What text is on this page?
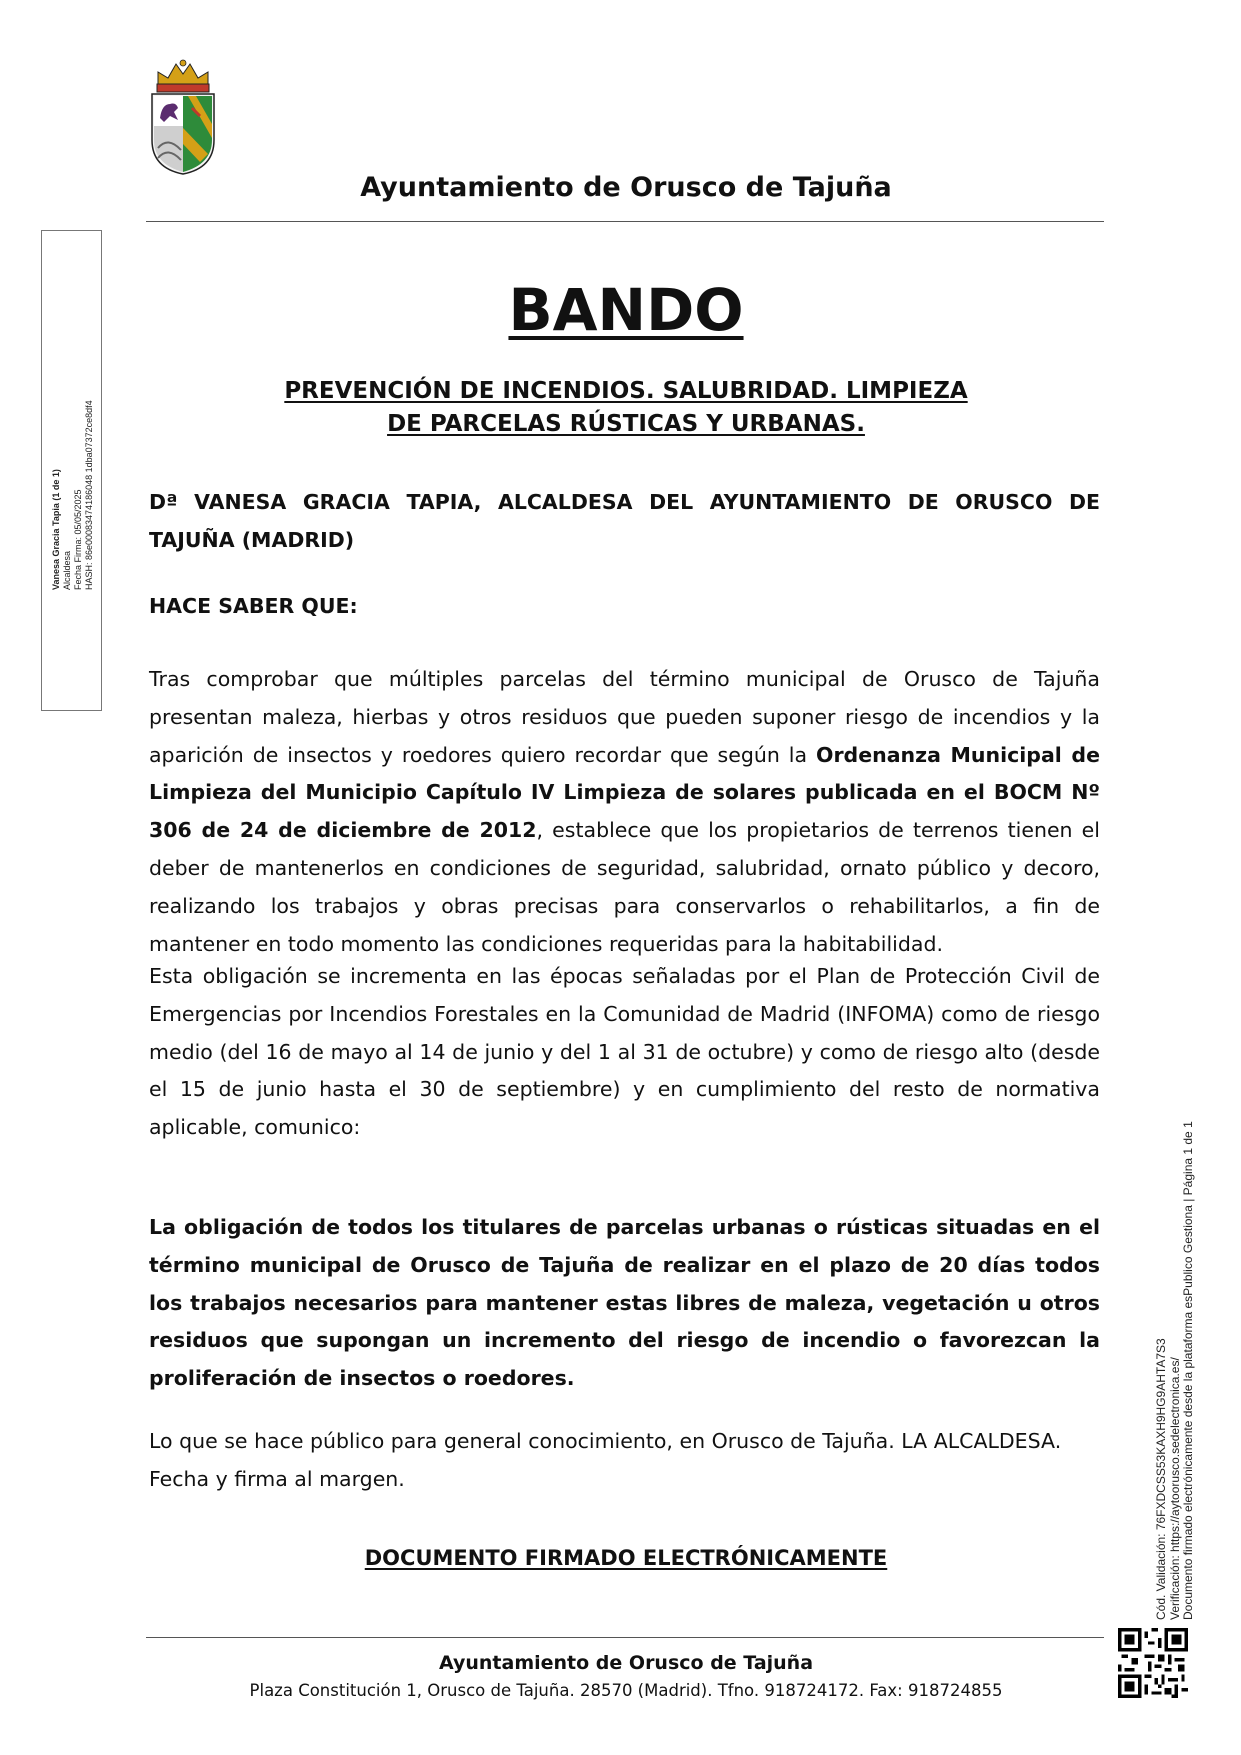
Ayuntamiento de Orusco de Tajuña
BANDO
PREVENCIÓN DE INCENDIOS. SALUBRIDAD. LIMPIEZA
DE PARCELAS RÚSTICAS Y URBANAS.

Dª VANESA GRACIA TAPIA, ALCALDESA DEL AYUNTAMIENTO DE ORUSCO DE TAJUÑA (MADRID)

HACE SABER QUE:

Tras comprobar que múltiples parcelas del término municipal de Orusco de Tajuña presentan maleza, hierbas y otros residuos que pueden suponer riesgo de incendios y la aparición de insectos y roedores quiero recordar que según la Ordenanza Municipal de Limpieza del Municipio Capítulo IV Limpieza de solares publicada en el BOCM Nº 306 de 24 de diciembre de 2012, establece que los propietarios de terrenos tienen el deber de mantenerlos en condiciones de seguridad, salubridad, ornato público y decoro, realizando los trabajos y obras precisas para conservarlos o rehabilitarlos, a fin de mantener en todo momento las condiciones requeridas para la habitabilidad.

Esta obligación se incrementa en las épocas señaladas por el Plan de Protección Civil de Emergencias por Incendios Forestales en la Comunidad de Madrid (INFOMA) como de riesgo medio (del 16 de mayo al 14 de junio y del 1 al 31 de octubre) y como de riesgo alto (desde el 15 de junio hasta el 30 de septiembre) y en cumplimiento del resto de normativa aplicable, comunico:

La obligación de todos los titulares de parcelas urbanas o rústicas situadas en el término municipal de Orusco de Tajuña de realizar en el plazo de 20 días todos los trabajos necesarios para mantener estas libres de maleza, vegetación u otros residuos que supongan un incremento del riesgo de incendio o favorezcan la proliferación de insectos o roedores.

Lo que se hace público para general conocimiento, en Orusco de Tajuña. LA ALCALDESA.
Fecha y firma al margen.
DOCUMENTO FIRMADO ELECTRÓNICAMENTE
Ayuntamiento de Orusco de Tajuña
Plaza Constitución 1, Orusco de Tajuña. 28570 (Madrid). Tfno. 918724172. Fax: 918724855
Vanesa Gracia Tapia (1 de 1) Alcaldesa Fecha Firma: 05/05/2025 HASH: 86e00083474186048 1dba07372ce8df4
Cód. Validación: 76FXDCSS53KAXH9HG9AHTA7S3 Verificación: https://aytoorusco.sedelectronica.es/ Documento firmado electrónicamente desde la plataforma esPublico Gestiona | Página 1 de 1
